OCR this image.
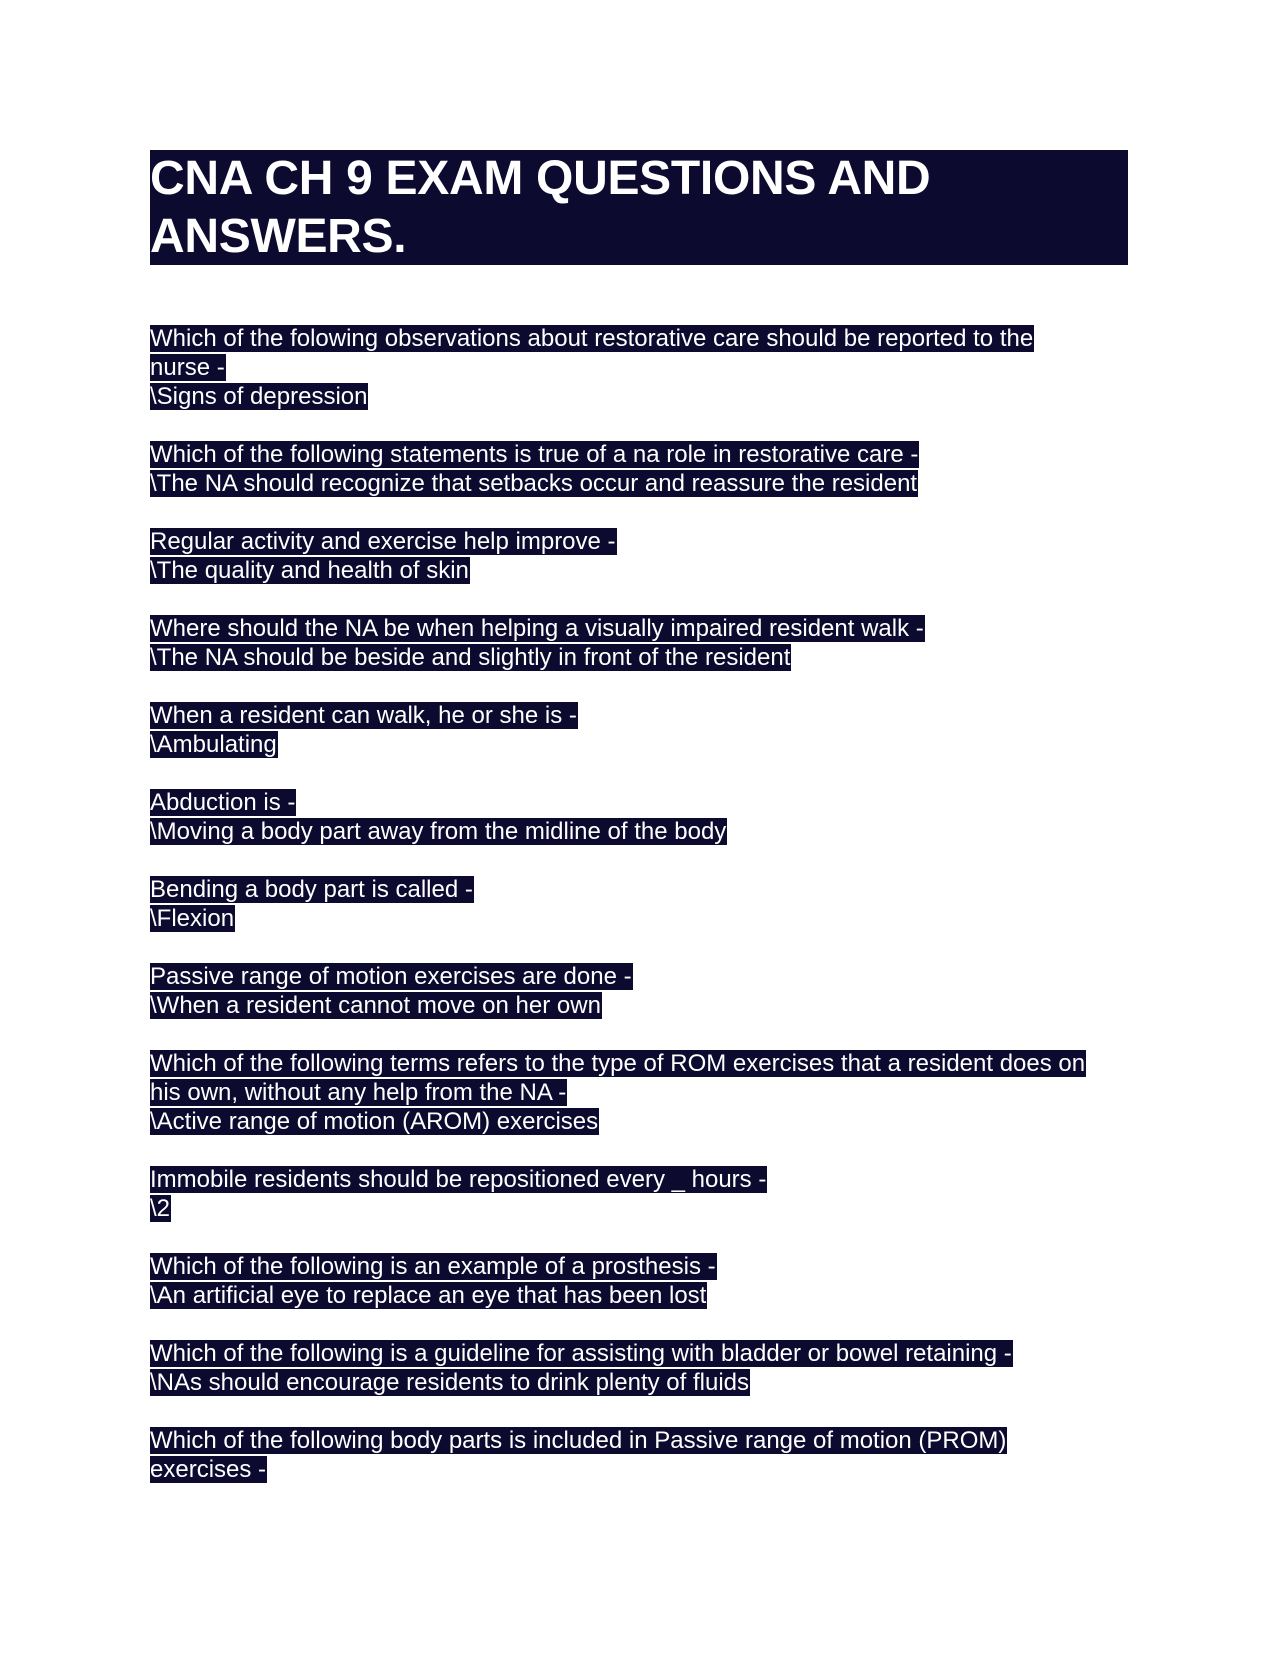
CNA CH 9 EXAM QUESTIONS AND
ANSWERS.
Which of the folowing observations about restorative care should be reported to the
nurse -
\Signs of depression
Which of the following statements is true of a na role in restorative care -
\The NA should recognize that setbacks occur and reassure the resident
Regular activity and exercise help improve -
\The quality and health of skin
Where should the NA be when helping a visually impaired resident walk -
\The NA should be beside and slightly in front of the resident
When a resident can walk, he or she is -
\Ambulating
Abduction is -
\Moving a body part away from the midline of the body
Bending a body part is called -
\Flexion
Passive range of motion exercises are done -
\When a resident cannot move on her own
Which of the following terms refers to the type of ROM exercises that a resident does on
his own, without any help from the NA -
\Active range of motion (AROM) exercises
Immobile residents should be repositioned every _ hours -
\2
Which of the following is an example of a prosthesis -
\An artificial eye to replace an eye that has been lost
Which of the following is a guideline for assisting with bladder or bowel retaining -
\NAs should encourage residents to drink plenty of fluids
Which of the following body parts is included in Passive range of motion (PROM)
exercises -
